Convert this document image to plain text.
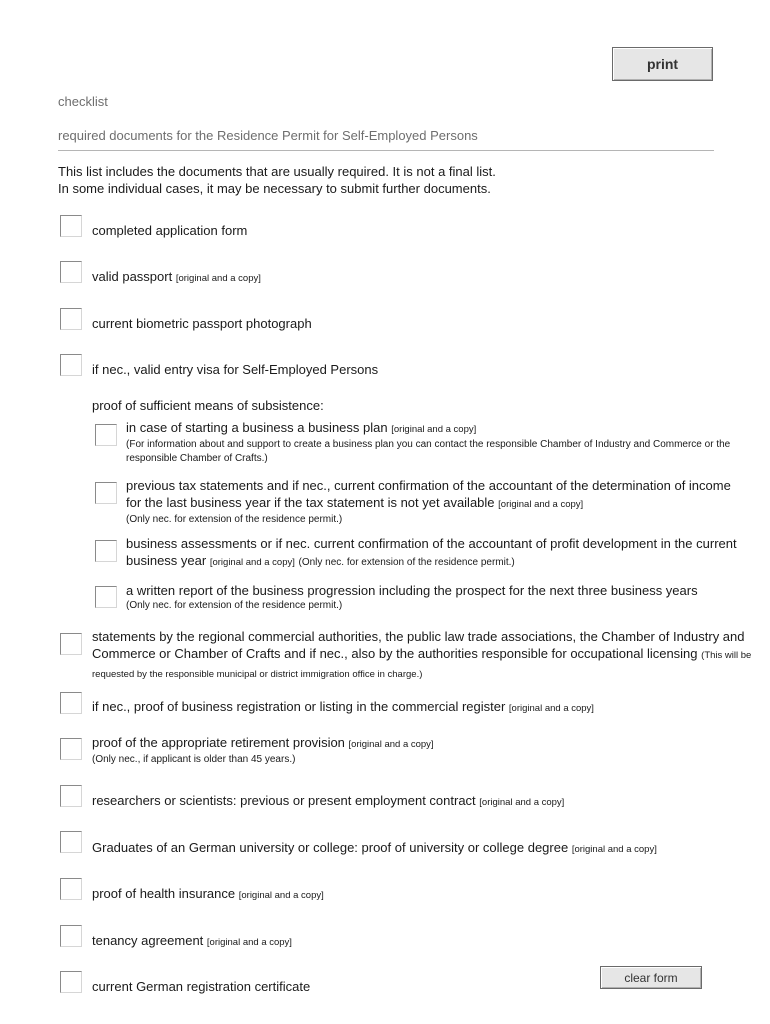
print
checklist
required documents for the Residence Permit for Self-Employed Persons
This list includes the documents that are usually required. It is not a final list.
In some individual cases, it may be necessary to submit further documents.
completed application form
valid passport [original and a copy]
current biometric passport photograph
if nec., valid entry visa for Self-Employed Persons
proof of sufficient means of subsistence:
in case of starting a business a business plan [original and a copy]
(For information about and support to create a business plan you can contact the responsible Chamber of Industry and Commerce or the responsible Chamber of Crafts.)
previous tax statements and if nec., current confirmation of the accountant of the determination of income for the last business year if the tax statement is not yet available [original and a copy]
(Only nec. for extension of the residence permit.)
business assessments or if nec. current confirmation of the accountant of profit development in the current business year [original and a copy] (Only nec. for extension of the residence permit.)
a written report of the business progression including the prospect for the next three business years
(Only nec. for extension of the residence permit.)
statements by the regional commercial authorities, the public law trade associations, the Chamber of Industry and Commerce or Chamber of Crafts and if nec., also by the authorities responsible for occupational licensing (This will be requested by the responsible municipal or district immigration office in charge.)
if nec., proof of business registration or listing in the commercial register [original and a copy]
proof of the appropriate retirement provision [original and a copy]
(Only nec., if applicant is older than 45 years.)
researchers or scientists: previous or present employment contract [original and a copy]
Graduates of an German university or college: proof of university or college degree [original and a copy]
proof of health insurance [original and a copy]
tenancy agreement [original and a copy]
current German registration certificate
clear form
